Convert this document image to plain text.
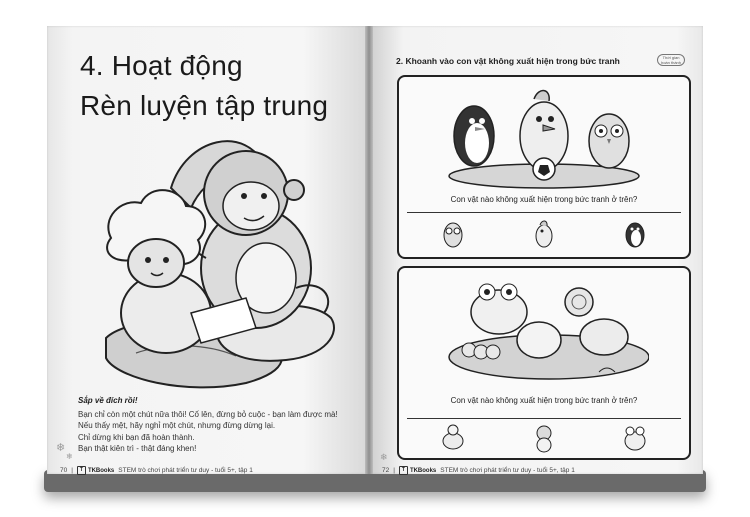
4. Hoạt động
Rèn luyện tập trung
Sắp về đích rồi!
Bạn chỉ còn một chút nữa thôi! Cố lên, đừng bỏ cuộc - bạn làm được mà!
Nếu thấy mệt, hãy nghỉ một chút, nhưng đừng dừng lại.
Chỉ dừng khi bạn đã hoàn thành.
Bạn thật kiên trì - thật đáng khen!
❄
❄
70 |	T TKBooks STEM trò chơi phát triển tư duy - tuổi 5+, tập 1
2. Khoanh vào con vật không xuất hiện trong bức tranh	Thời gian hoàn thành
Con vật nào không xuất hiện trong bức tranh ở trên?
Con vật nào không xuất hiện trong bức tranh ở trên?
❄
72 |	T TKBooks STEM trò chơi phát triển tư duy - tuổi 5+, tập 1
